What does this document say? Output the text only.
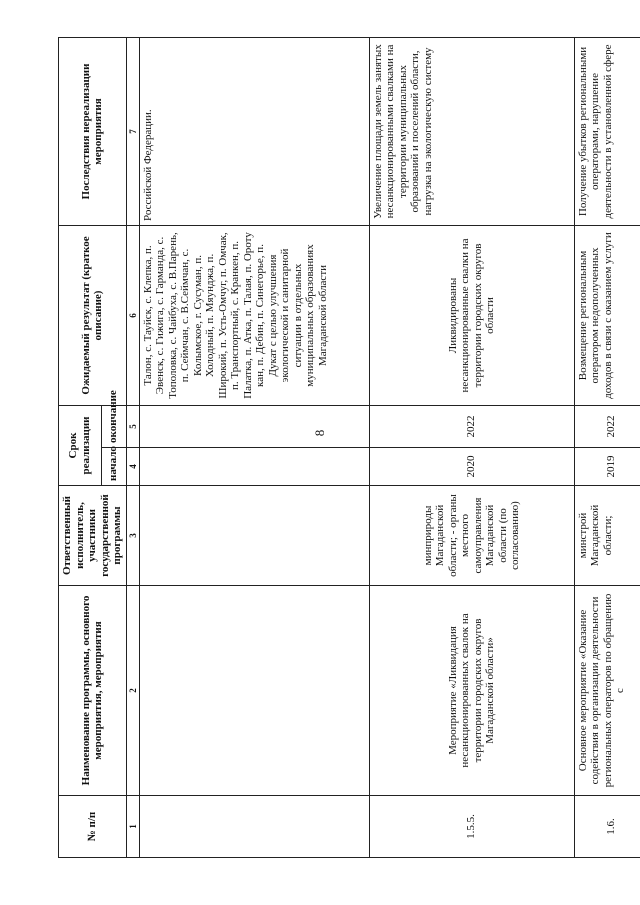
8
№ п/п	Наименование программы, основного мероприятия, мероприятия	Ответственный исполнитель, участники государственной программы	Срок реализации		Ожидаемый результат (краткое описание)	Последствия нереализации мероприятия
			начало	окончание		
1	2	3	4	5	6	7
					Талон, с. Тауйск, с. Клепка, п. Эвенск, с. Гижига, с. Гарманда, с. Тополовка, с. Чайбуха, с. В.Парень, п. Сеймчан, с. В.Сеймчан, с. Колымское, г. Сусуман, п. Холодный, п. Мяунджа, п. Широкий, п. Усть-Омчуг, п. Омчак, п. Транспортный, с. Кранкен, п. Палатка, п. Атка, п. Талая, п. Ороту кан, п. Дебин, п. Синегорье, п. Дукат с целью улучшения экологической и санитарной ситуации в отдельных муниципальных образованиях Магаданской области	Российской Федерации.
1.5.5.	Мероприятие «Ликвидация несанкционированных свалок на территории городских округов Магаданской области»	минприроды Магаданской области; - органы местного самоуправления Магаданской области (по согласованию)	2020	2022	Ликвидированы несанкционированные свалки на территории городских округов области	Увеличение площади земель занятых несанкционированными свалками на территории муниципальных образований и поселений области, нагрузка на экологическую систему
1.6.	Основное мероприятие «Оказание содействия в организации деятельности региональных операторов по обращению с	минстрой Магаданской области;	2019	2022	Возмещение региональным оператором недополученных доходов в связи с оказанием услуги	Получение убытков региональными операторами, нарушение деятельности в установленной сфере
